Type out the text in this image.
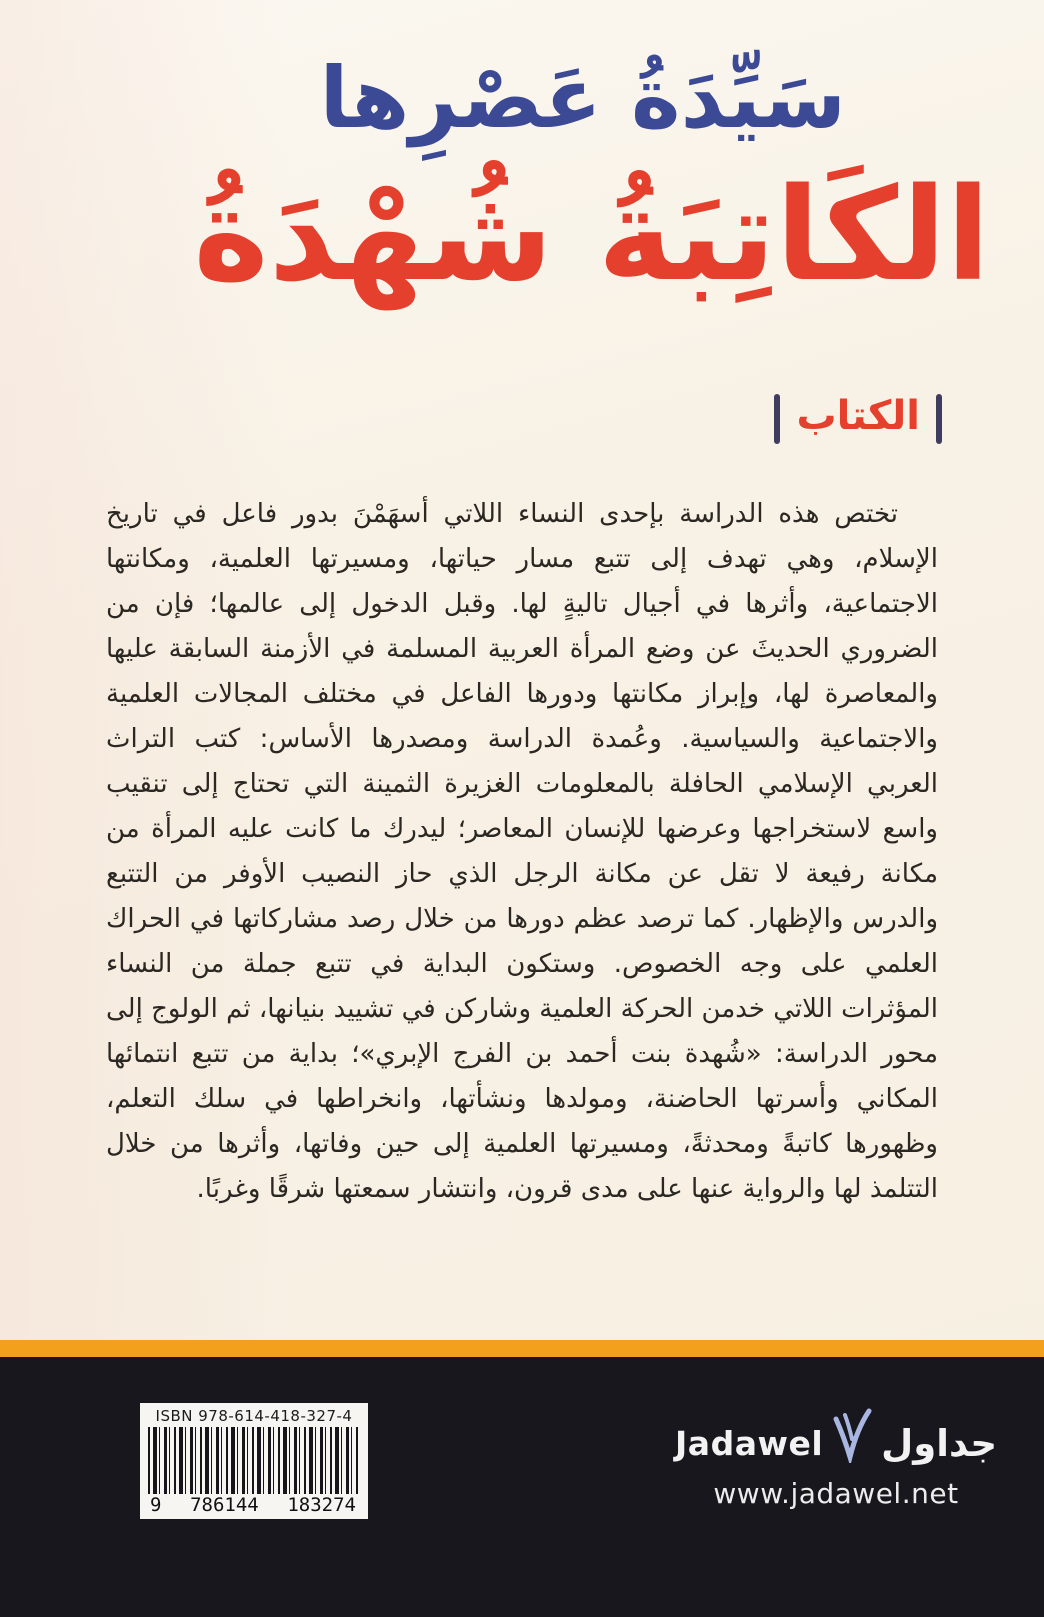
سَيِّدَةُ عَصْرِها
الكَاتِبَةُ شُهْدَةُ
الكتاب

تختص هذه الدراسة بإحدى النساء اللاتي أسهَمْنَ بدور فاعل في تاريخ الإسلام، وهي تهدف إلى تتبع مسار حياتها، ومسيرتها العلمية، ومكانتها الاجتماعية، وأثرها في أجيال تاليةٍ لها. وقبل الدخول إلى عالمها؛ فإن من الضروري الحديثَ عن وضع المرأة العربية المسلمة في الأزمنة السابقة عليها والمعاصرة لها، وإبراز مكانتها ودورها الفاعل في مختلف المجالات العلمية والاجتماعية والسياسية. وعُمدة الدراسة ومصدرها الأساس: كتب التراث العربي الإسلامي الحافلة بالمعلومات الغزيرة الثمينة التي تحتاج إلى تنقيب واسع لاستخراجها وعرضها للإنسان المعاصر؛ ليدرك ما كانت عليه المرأة من مكانة رفيعة لا تقل عن مكانة الرجل الذي حاز النصيب الأوفر من التتبع والدرس والإظهار. كما ترصد عظم دورها من خلال رصد مشاركاتها في الحراك العلمي على وجه الخصوص. وستكون البداية في تتبع جملة من النساء المؤثرات اللاتي خدمن الحركة العلمية وشاركن في تشييد بنيانها، ثم الولوج إلى محور الدراسة: «شُهدة بنت أحمد بن الفرج الإبري»؛ بداية من تتبع انتمائها المكاني وأسرتها الحاضنة، ومولدها ونشأتها، وانخراطها في سلك التعلم، وظهورها كاتبةً ومحدثةً، ومسيرتها العلمية إلى حين وفاتها، وأثرها من خلال التتلمذ لها والرواية عنها على مدى قرون، وانتشار سمعتها شرقًا وغربًا.

ISBN 978-614-418-327-4
9 786144 183274
Jadawel جداول
www.jadawel.net
